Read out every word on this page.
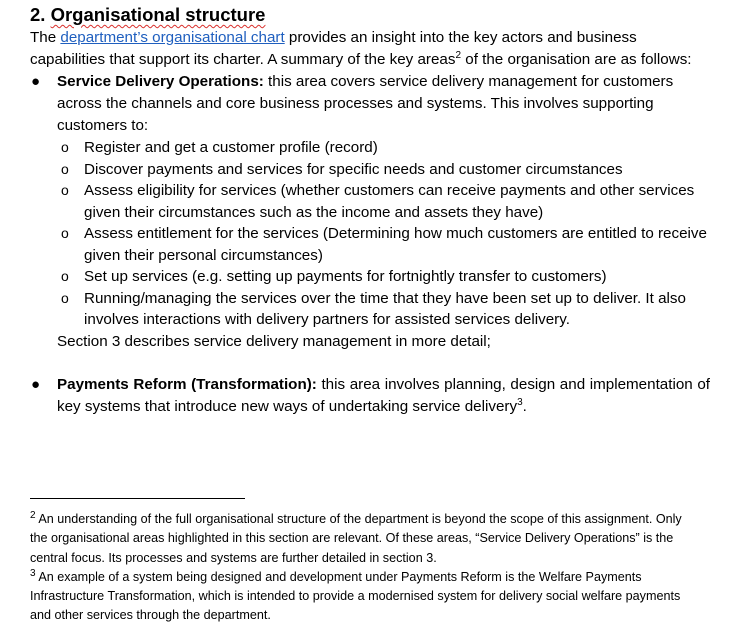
2. Organisational structure

The department’s organisational chart provides an insight into the key actors and business capabilities that support its charter. A summary of the key areas$^2$ of the organisation are as follows:

● Service Delivery Operations: this area covers service delivery management for customers across the channels and core business processes and systems. This involves supporting customers to:
o Register and get a customer profile (record)
o Discover payments and services for specific needs and customer circumstances
o Assess eligibility for services (whether customers can receive payments and other services given their circumstances such as the income and assets they have)
o Assess entitlement for the services (Determining how much customers are entitled to receive given their personal circumstances)
o Set up services (e.g. setting up payments for fortnightly transfer to customers)
o Running/managing the services over the time that they have been set up to deliver. It also involves interactions with delivery partners for assisted services delivery.

Section 3 describes service delivery management in more detail;

● Payments Reform (Transformation): this area involves planning, design and implementation of key systems that introduce new ways of undertaking service delivery$^3$.

$^2$ An understanding of the full organisational structure of the department is beyond the scope of this assignment. Only the organisational areas highlighted in this section are relevant. Of these areas, “Service Delivery Operations” is the central focus. Its processes and systems are further detailed in section 3.

$^3$ An example of a system being designed and development under Payments Reform is the Welfare Payments Infrastructure Transformation, which is intended to provide a modernised system for delivery social welfare payments and other services through the department.
